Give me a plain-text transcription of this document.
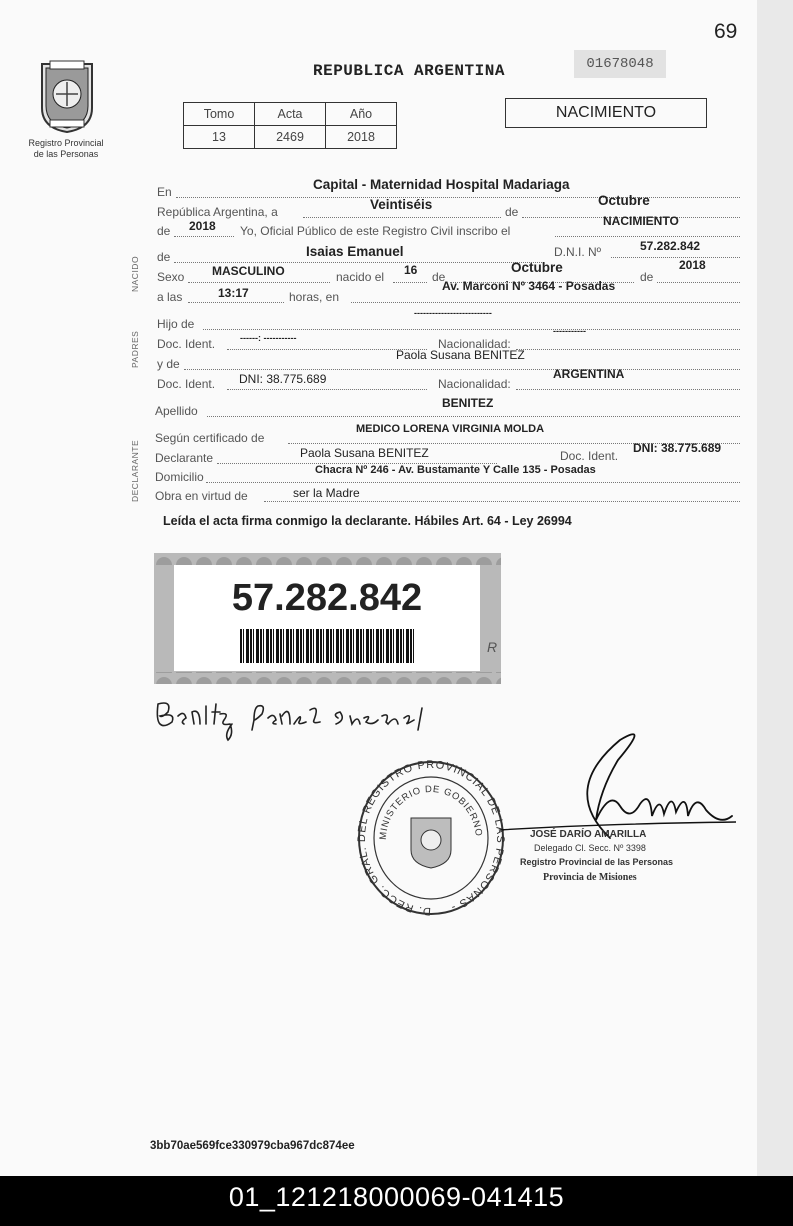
69
Registro Provincial
de las Personas
REPUBLICA ARGENTINA	01678048
Tomo	Acta	Año
13	2469	2018
NACIMIENTO
NACIDO
PADRES
DECLARANTE
En	Capital - Maternidad Hospital Madariaga
República Argentina, a	Veintiséis	de
Octubre
de 2018 Yo, Oficial Público de este Registro Civil inscribo el
NACIMIENTO
de	Isaias Emanuel	D.N.I. Nº	57.282.842
Sexo MASCULINO	nacido el 16 de
Octubre
de
2018
a las	13:17	horas, en
Av. Marconi Nº 3464 - Posadas
Hijo de
--------------------------
Doc. Ident.	------: -----------	Nacionalidad:
-----------
y de
Paola Susana BENITEZ
Doc. Ident. DNI: 38.775.689	Nacionalidad:
ARGENTINA
Apellido
BENITEZ
Según certificado de
MEDICO LORENA VIRGINIA MOLDA
Declarante	Paola Susana BENITEZ	Doc. Ident.
DNI: 38.775.689
Domicilio	Chacra Nº 246 - Av. Bustamante Y Calle 135 - Posadas
Obra en virtud de	ser la Madre
Leída el acta firma conmigo la declarante. Hábiles Art. 64 - Ley 26994
57.282.842
R
D. RECC. GRAL. DEL REGISTRO PROVINCIAL DE LAS PERSONAS -
MINISTERIO DE GOBIERNO	JOSÉ DARÍO AMARILLA
Delegado Cl. Secc. Nº 3398
Registro Provincial de las Personas
Provincia de Misiones
3bb70ae569fce330979cba967dc874ee
01_121218000069-041415
